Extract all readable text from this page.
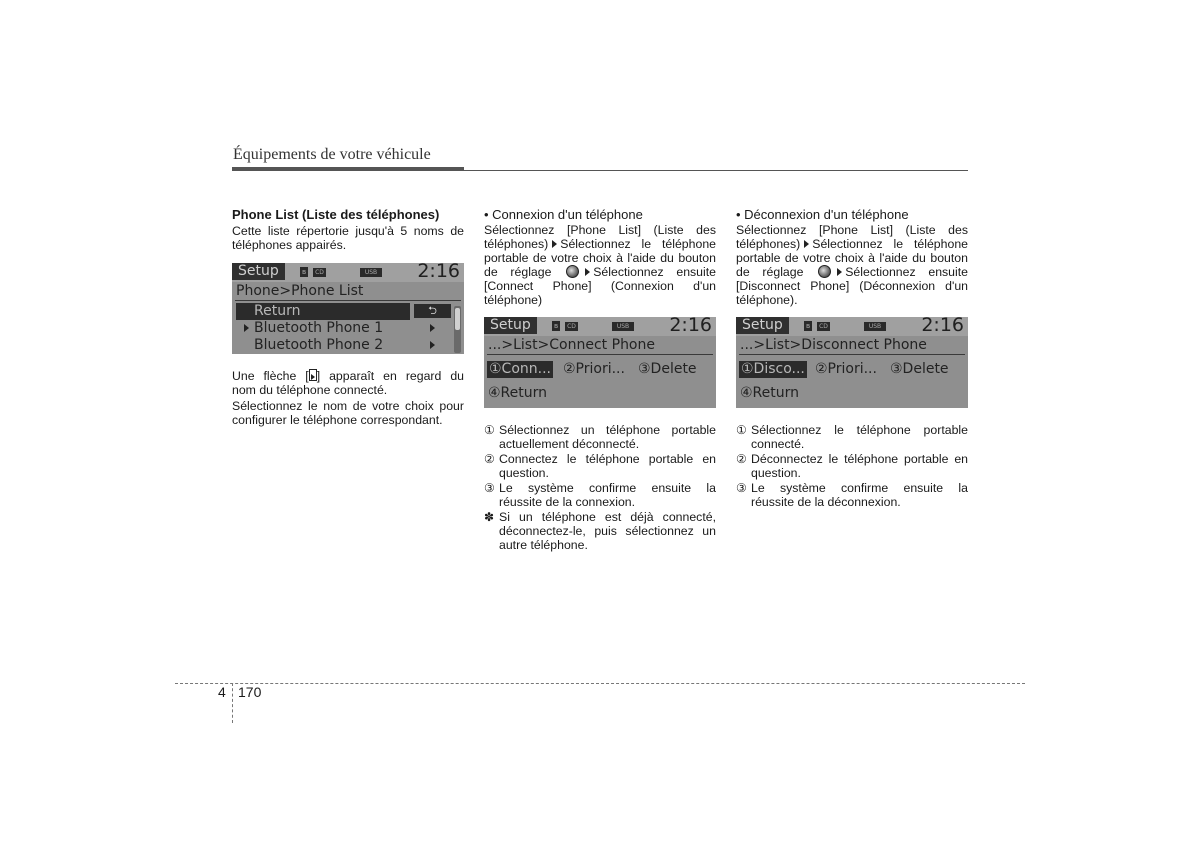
Équipements de votre véhicule

Phone List (Liste des téléphones)

Cette liste répertorie jusqu'à 5 noms de

téléphones appairés.

Setup	ʙ	CD	USB 2:16
Phone>Phone List
Return	⮌
Bluetooth Phone 1
Bluetooth Phone 2

Une flèche [ ] apparaît en regard du

nom du téléphone connecté.

Sélectionnez le nom de votre choix pour

configurer le téléphone correspondant.

• Connexion d'un téléphone

Sélectionnez [Phone List] (Liste des

téléphones) Sélectionnez le téléphone

portable de votre choix à l'aide du bouton

de réglage	Sélectionnez ensuite

[Connect Phone] (Connexion d'un

téléphone)

Setup	ʙ	CD	USB 2:16
...>List>Connect Phone
①Conn... ②Priori... ③Delete
④Return
① Sélectionnez un téléphone portable
actuellement déconnecté.
② Connectez le téléphone portable en
question.
③ Le système confirme ensuite la
réussite de la connexion.
✽ Si un téléphone est déjà connecté,
déconnectez-le, puis sélectionnez un
autre téléphone.

• Déconnexion d'un téléphone

Sélectionnez [Phone List] (Liste des

téléphones) Sélectionnez le téléphone

portable de votre choix à l'aide du bouton

de réglage	Sélectionnez ensuite

[Disconnect Phone] (Déconnexion d'un

téléphone).

Setup	ʙ	CD	USB 2:16
...>List>Disconnect Phone
①Disco... ②Priori... ③Delete
④Return
① Sélectionnez le téléphone portable
connecté.
② Déconnectez le téléphone portable en
question.
③ Le système confirme ensuite la
réussite de la déconnexion.
4 170
